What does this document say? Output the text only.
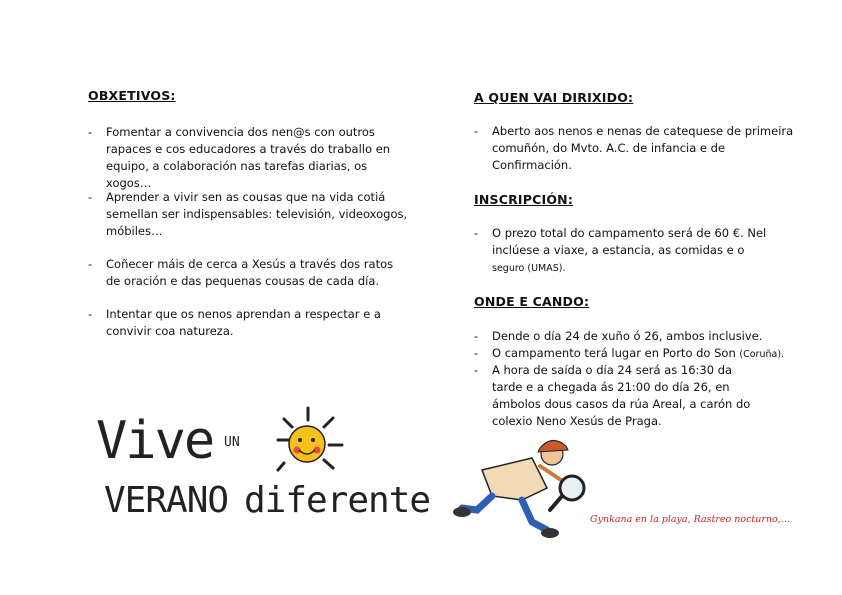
OBXETIVOS:
- Fomentar a convivencia dos nen@s con outros rapaces e cos educadores a través do traballo en equipo, a colaboración nas tarefas diarias, os xogos…
- Aprender a vivir sen as cousas que na vida cotiá semellan ser indispensables: televisión, videoxogos, móbiles…
- Coñecer máis de cerca a Xesús a través dos ratos de oración e das pequenas cousas de cada día.
- Intentar que os nenos aprendan a respectar e a convivir coa natureza.
A QUEN VAI DIRIXIDO:
- Aberto aos nenos e nenas de catequese de primeira comuñón, do Mvto. A.C. de infancia e de Confirmación.
INSCRIPCIÓN:
- O prezo total do campamento será de 60 €. Nel inclúese a viaxe, a estancia, as comidas e o seguro (UMAS).
ONDE E CANDO:
- Dende o día 24 de xuño ó 26, ambos inclusive.
- O campamento terá lugar en Porto do Son (Coruña).
- A hora de saída o día 24 será as 16:30 da tarde e a chegada ás 21:00 do día 26, en ámbolos dous casos da rúa Areal, a carón do colexio Neno Xesús de Praga.
Vive UN
VERANO diferente	Gynkana en la playa, Rastreo nocturno,…
